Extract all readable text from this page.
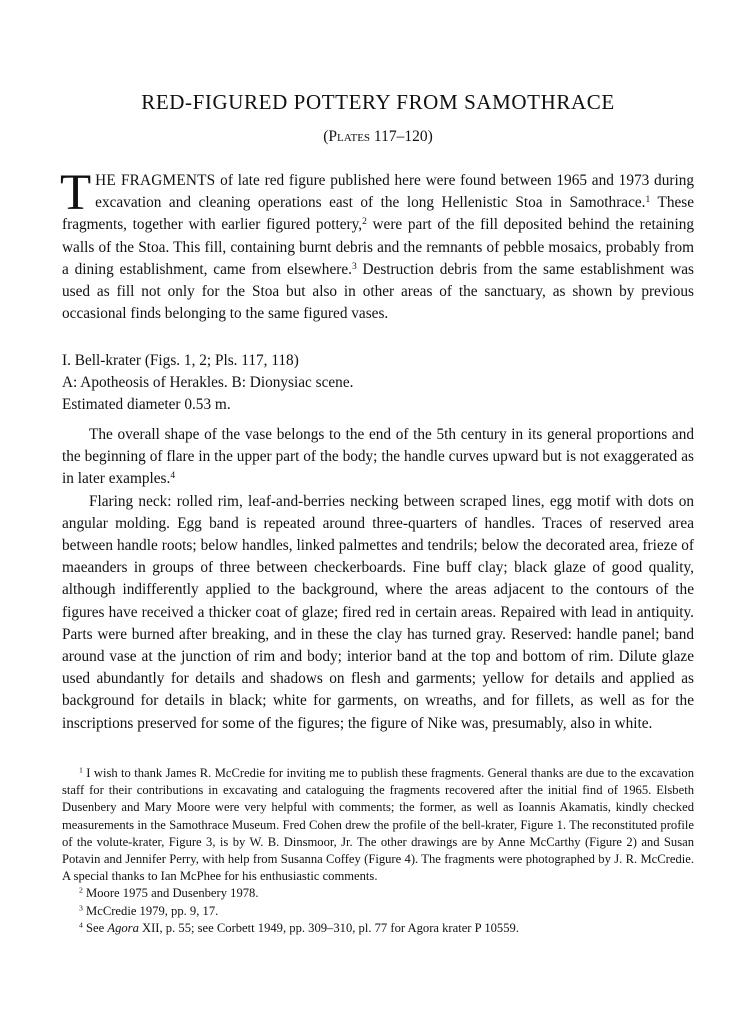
RED-FIGURED POTTERY FROM SAMOTHRACE

(Plates 117–120)

THE FRAGMENTS of late red figure published here were found between 1965 and 1973 during excavation and cleaning operations east of the long Hellenistic Stoa in Samothrace.$^1$ These fragments, together with earlier figured pottery,$^2$ were part of the fill deposited behind the retaining walls of the Stoa. This fill, containing burnt debris and the remnants of pebble mosaics, probably from a dining establishment, came from elsewhere.$^3$ Destruction debris from the same establishment was used as fill not only for the Stoa but also in other areas of the sanctuary, as shown by previous occasional finds belonging to the same figured vases.

I. Bell-krater (Figs. 1, 2; Pls. 117, 118)
A: Apotheosis of Herakles. B: Dionysiac scene.
Estimated diameter 0.53 m.

The overall shape of the vase belongs to the end of the 5th century in its general proportions and the beginning of flare in the upper part of the body; the handle curves upward but is not exaggerated as in later examples.$^4$

Flaring neck: rolled rim, leaf-and-berries necking between scraped lines, egg motif with dots on angular molding. Egg band is repeated around three-quarters of handles. Traces of reserved area between handle roots; below handles, linked palmettes and tendrils; below the decorated area, frieze of maeanders in groups of three between checkerboards. Fine buff clay; black glaze of good quality, although indifferently applied to the background, where the areas adjacent to the contours of the figures have received a thicker coat of glaze; fired red in certain areas. Repaired with lead in antiquity. Parts were burned after breaking, and in these the clay has turned gray. Reserved: handle panel; band around vase at the junction of rim and body; interior band at the top and bottom of rim. Dilute glaze used abundantly for details and shadows on flesh and garments; yellow for details and applied as background for details in black; white for garments, on wreaths, and for fillets, as well as for the inscriptions preserved for some of the figures; the figure of Nike was, presumably, also in white.

$^1$ I wish to thank James R. McCredie for inviting me to publish these fragments. General thanks are due to the excavation staff for their contributions in excavating and cataloguing the fragments recovered after the initial find of 1965. Elsbeth Dusenbery and Mary Moore were very helpful with comments; the former, as well as Ioannis Akamatis, kindly checked measurements in the Samothrace Museum. Fred Cohen drew the profile of the bell-krater, Figure 1. The reconstituted profile of the volute-krater, Figure 3, is by W. B. Dinsmoor, Jr. The other drawings are by Anne McCarthy (Figure 2) and Susan Potavin and Jennifer Perry, with help from Susanna Coffey (Figure 4). The fragments were photographed by J. R. McCredie. A special thanks to Ian McPhee for his enthusiastic comments.

$^2$ Moore 1975 and Dusenbery 1978.

$^3$ McCredie 1979, pp. 9, 17.

$^4$ See Agora XII, p. 55; see Corbett 1949, pp. 309–310, pl. 77 for Agora krater P 10559.
